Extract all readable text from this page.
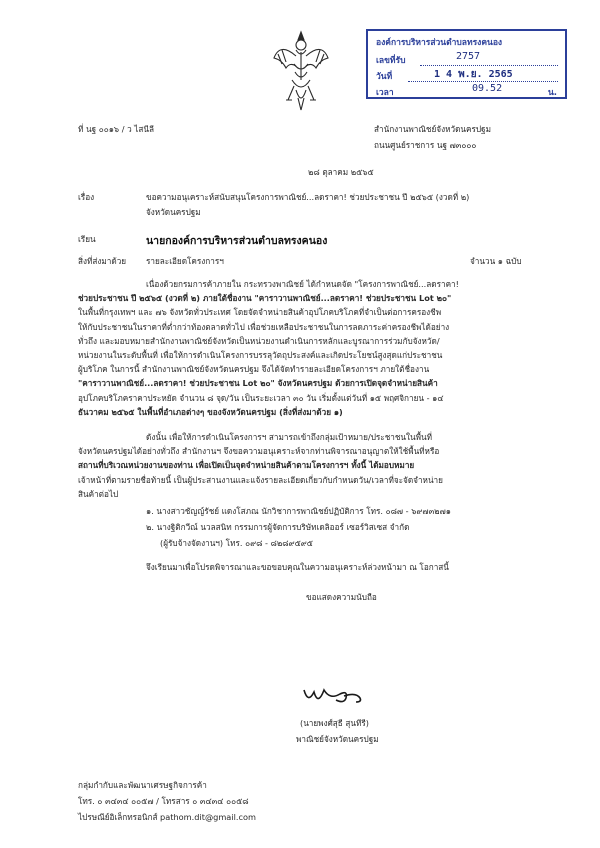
องค์การบริหารส่วนตำบลทรงคนอง
เลขที่รับ	2757
วันที่	1 4 พ.ย. 2565
เวลา	09.52	น.
ที่ นฐ ๐๐๑๖ / ว ไสนีลี	สำนักงานพาณิชย์จังหวัดนครปฐม
ถนนศูนย์ราชการ นฐ ๗๓๐๐๐
๒๘ ตุลาคม ๒๕๖๕
เรื่อง	ขอความอนุเคราะห์สนับสนุนโครงการพาณิชย์...ลดราคา! ช่วยประชาชน ปี ๒๕๖๕ (งวดที่ ๒)
จังหวัดนครปฐม
เรียน	นายกองค์การบริหารส่วนตำบลทรงคนอง
สิ่งที่ส่งมาด้วย รายละเอียดโครงการฯ	จำนวน ๑ ฉบับ

เนื่องด้วยกรมการค้าภายใน กระทรวงพาณิชย์ ได้กำหนดจัด "โครงการพาณิชย์...ลดราคา!

ช่วยประชาชน ปี ๒๕๖๕ (งวดที่ ๒) ภายใต้ชื่องาน "คาราวานพาณิชย์...ลดราคา! ช่วยประชาชน Lot ๒๐"

ในพื้นที่กรุงเทพฯ และ ๗๖ จังหวัดทั่วประเทศ โดยจัดจำหน่ายสินค้าอุปโภคบริโภคที่จำเป็นต่อการครองชีพ

ให้กับประชาชนในราคาที่ต่ำกว่าท้องตลาดทั่วไป เพื่อช่วยเหลือประชาชนในการลดภาระค่าครองชีพได้อย่าง

ทั่วถึง และมอบหมายสำนักงานพาณิชย์จังหวัดเป็นหน่วยงานดำเนินการหลักและบูรณาการร่วมกับจังหวัด/

หน่วยงานในระดับพื้นที่ เพื่อให้การดำเนินโครงการบรรลุวัตถุประสงค์และเกิดประโยชน์สูงสุดแก่ประชาชน

ผู้บริโภค ในการนี้ สำนักงานพาณิชย์จังหวัดนครปฐม จึงได้จัดทำรายละเอียดโครงการฯ ภายใต้ชื่องาน

"คาราวานพาณิชย์...ลดราคา! ช่วยประชาชน Lot ๒๐" จังหวัดนครปฐม ด้วยการเปิดจุดจำหน่ายสินค้า

อุปโภคบริโภคราคาประหยัด จำนวน ๘ จุด/วัน เป็นระยะเวลา ๓๐ วัน เริ่มตั้งแต่วันที่ ๑๕ พฤศจิกายน - ๑๔

ธันวาคม ๒๕๖๕ ในพื้นที่อำเภอต่างๆ ของจังหวัดนครปฐม (สิ่งที่ส่งมาด้วย ๑)

ดังนั้น เพื่อให้การดำเนินโครงการฯ สามารถเข้าถึงกลุ่มเป้าหมาย/ประชาชนในพื้นที่

จังหวัดนครปฐมได้อย่างทั่วถึง สำนักงานฯ จึงขอความอนุเคราะห์จากท่านพิจารณาอนุญาตให้ใช้พื้นที่หรือ

สถานที่บริเวณหน่วยงานของท่าน เพื่อเปิดเป็นจุดจำหน่ายสินค้าตามโครงการฯ ทั้งนี้ ได้มอบหมาย

เจ้าหน้าที่ตามรายชื่อท้ายนี้ เป็นผู้ประสานงานและแจ้งรายละเอียดเกี่ยวกับกำหนดวัน/เวลาที่จะจัดจำหน่าย

สินค้าต่อไป

๑. นางสาวชัญญ์รัชย์ แดงโสภณ นักวิชาการพาณิชย์ปฏิบัติการ โทร. ๐๘๗ - ๖๙๗๓๒๗๑
๒. นางฐิติกวีณ์ นวลสนิท กรรมการผู้จัดการบริษัทเดลิออร์ เซอร์วิสเซส จำกัด
(ผู้รับจ้างจัดงานฯ) โทร. ๐๙๘ - ๘๒๘๙๕๙๕
จึงเรียนมาเพื่อโปรดพิจารณาและขอขอบคุณในความอนุเคราะห์ล่วงหน้ามา ณ โอกาสนี้
ขอแสดงความนับถือ
(นายพงศ์สุธี สุนทีรี)
พาณิชย์จังหวัดนครปฐม
กลุ่มกำกับและพัฒนาเศรษฐกิจการค้า
โทร. ๐ ๓๔๓๔ ๐๐๕๗ / โทรสาร ๐ ๓๔๓๔ ๐๐๕๘
ไปรษณีย์อิเล็กทรอนิกส์ pathom.dit@gmail.com
